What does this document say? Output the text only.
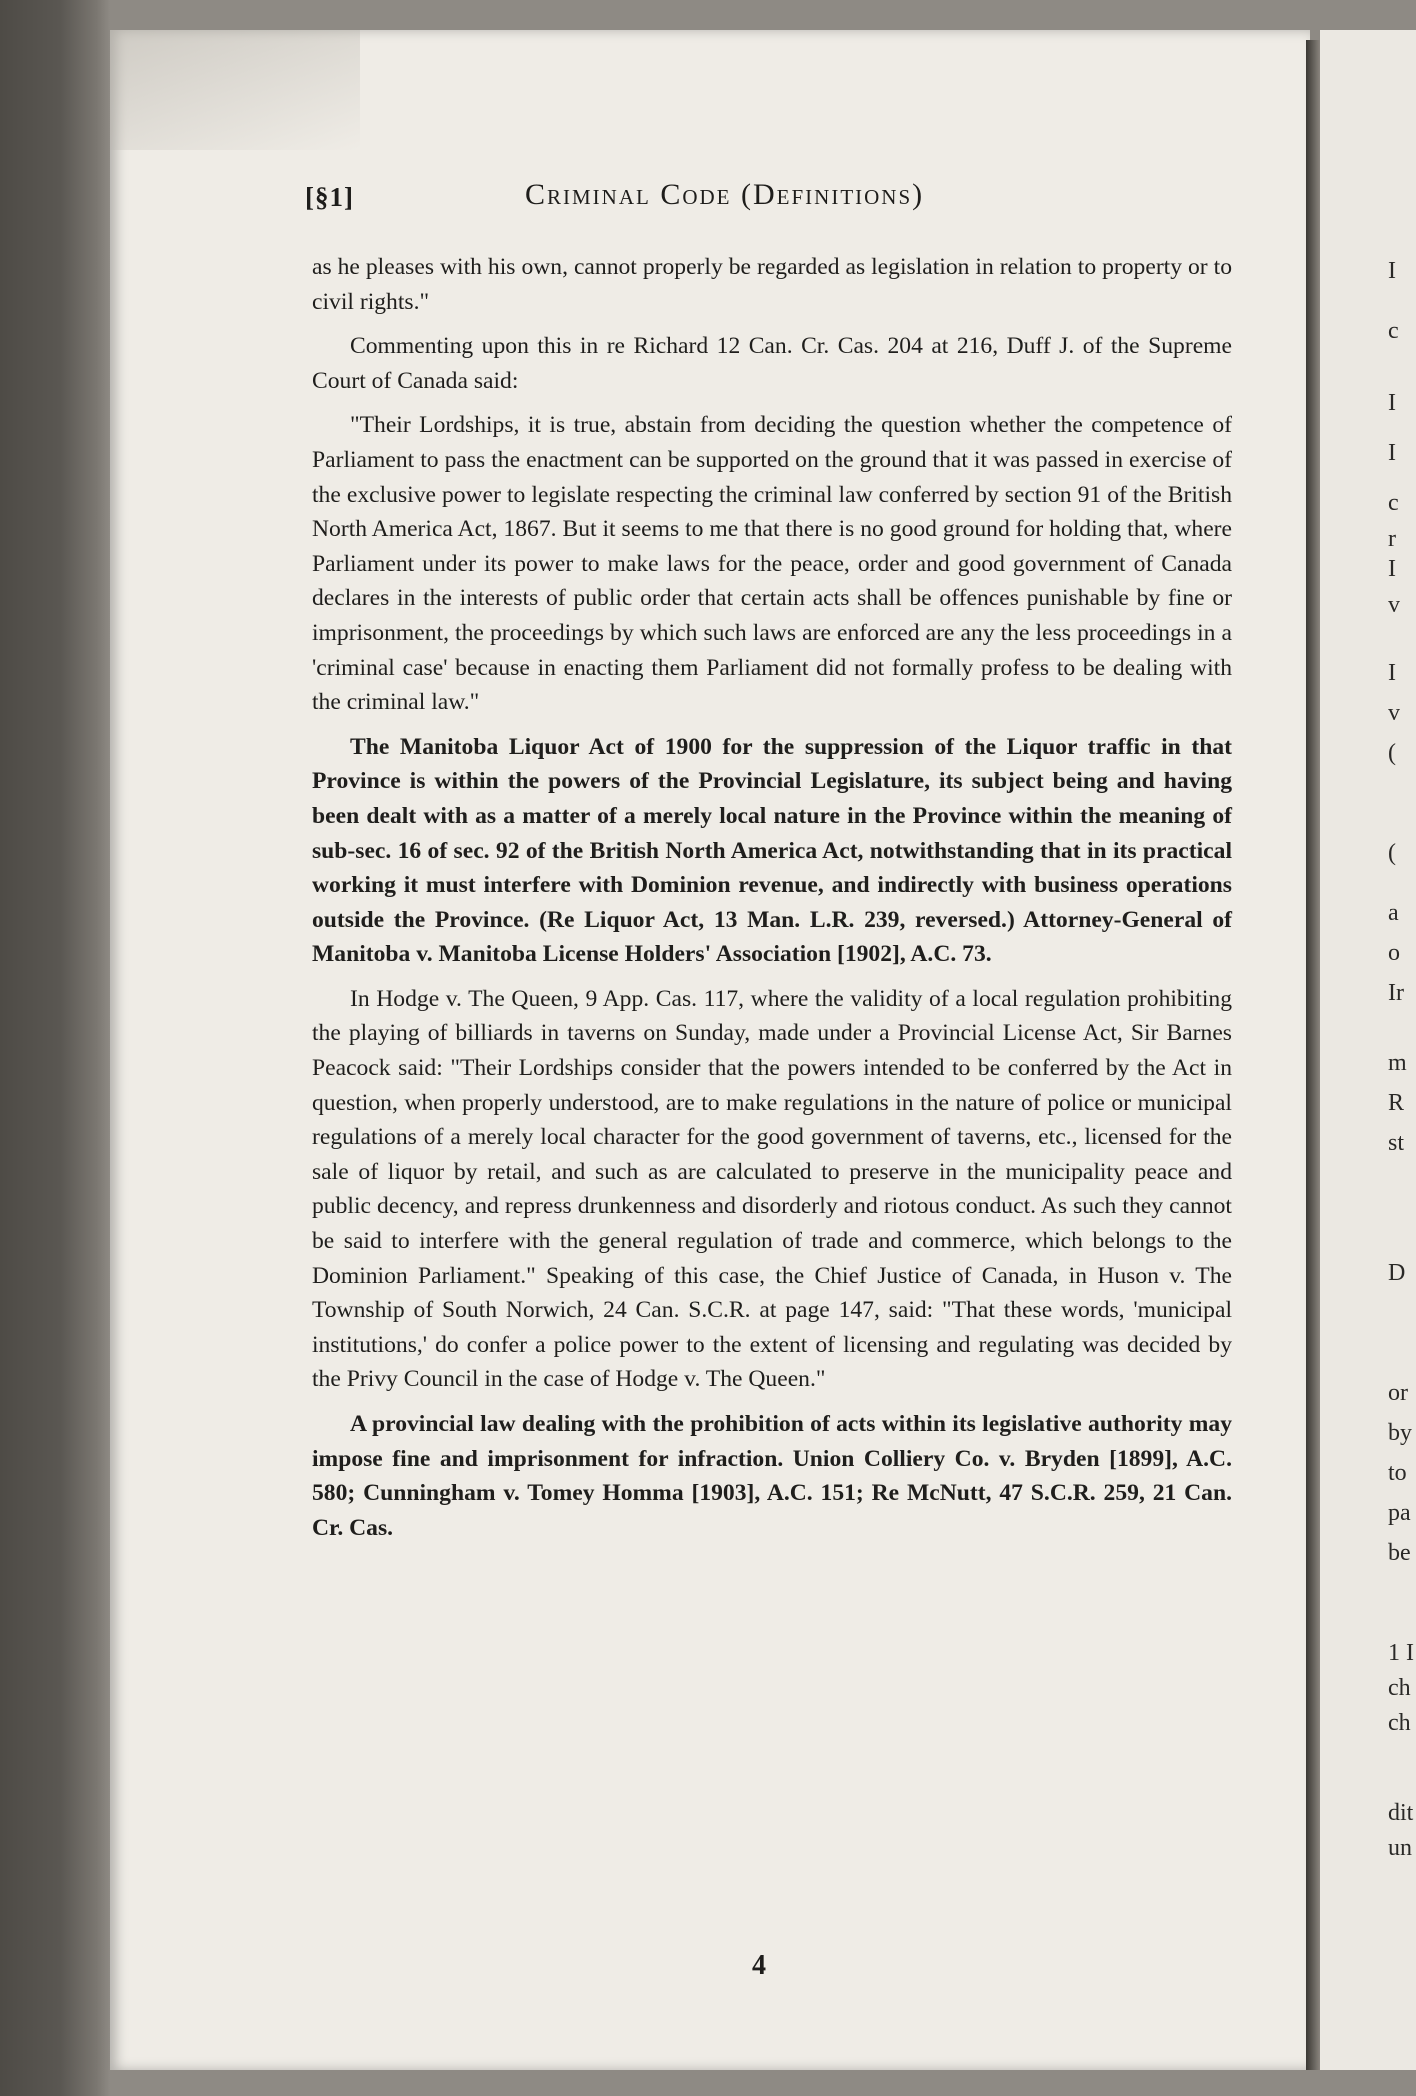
[§1]	Criminal Code (Definitions)

as he pleases with his own, cannot properly be regarded as legislation in relation to property or to civil rights."

Commenting upon this in re Richard 12 Can. Cr. Cas. 204 at 216, Duff J. of the Supreme Court of Canada said:

"Their Lordships, it is true, abstain from deciding the question whether the competence of Parliament to pass the enactment can be supported on the ground that it was passed in exercise of the exclusive power to legislate respecting the criminal law conferred by section 91 of the British North America Act, 1867. But it seems to me that there is no good ground for holding that, where Parliament under its power to make laws for the peace, order and good government of Canada declares in the interests of public order that certain acts shall be offences punishable by fine or imprisonment, the proceedings by which such laws are enforced are any the less proceedings in a 'criminal case' because in enacting them Parliament did not formally profess to be dealing with the criminal law."

The Manitoba Liquor Act of 1900 for the suppression of the Liquor traffic in that Province is within the powers of the Provincial Legislature, its subject being and having been dealt with as a matter of a merely local nature in the Province within the meaning of sub-sec. 16 of sec. 92 of the British North America Act, notwithstanding that in its practical working it must interfere with Dominion revenue, and indirectly with business operations outside the Province. (Re Liquor Act, 13 Man. L.R. 239, reversed.) Attorney-General of Manitoba v. Manitoba License Holders' Association [1902], A.C. 73.

In Hodge v. The Queen, 9 App. Cas. 117, where the validity of a local regulation prohibiting the playing of billiards in taverns on Sunday, made under a Provincial License Act, Sir Barnes Peacock said: "Their Lordships consider that the powers intended to be conferred by the Act in question, when properly understood, are to make regulations in the nature of police or municipal regulations of a merely local character for the good government of taverns, etc., licensed for the sale of liquor by retail, and such as are calculated to preserve in the municipality peace and public decency, and repress drunkenness and disorderly and riotous conduct. As such they cannot be said to interfere with the general regulation of trade and commerce, which belongs to the Dominion Parliament." Speaking of this case, the Chief Justice of Canada, in Huson v. The Township of South Norwich, 24 Can. S.C.R. at page 147, said: "That these words, 'municipal institutions,' do confer a police power to the extent of licensing and regulating was decided by the Privy Council in the case of Hodge v. The Queen."

A provincial law dealing with the prohibition of acts within its legislative authority may impose fine and imprisonment for infraction. Union Colliery Co. v. Bryden [1899], A.C. 580; Cunningham v. Tomey Homma [1903], A.C. 151; Re McNutt, 47 S.C.R. 259, 21 Can. Cr. Cas.

4
I
c
I
I
c
r
I
v
I
v
(
(
a
o
Ir
m
R
st
D
or
by
to
pa
be
1 I
ch
ch
dit
un
